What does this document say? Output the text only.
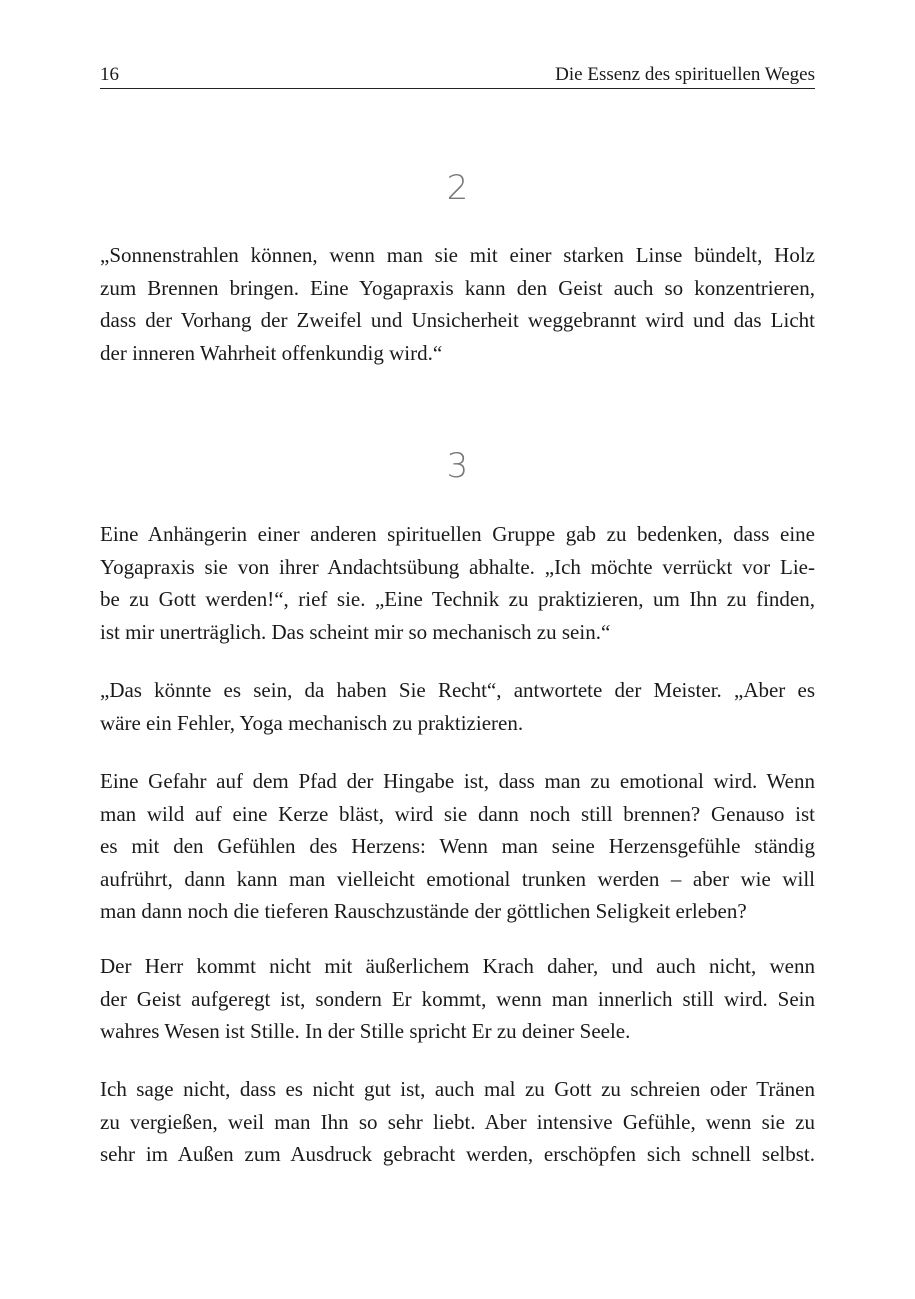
16	Die Essenz des spirituellen Weges
2

„Sonnenstrahlen können, wenn man sie mit einer starken Linse bündelt, Holz
zum Brennen bringen. Eine Yogapraxis kann den Geist auch so konzentrieren,
dass der Vorhang der Zweifel und Unsicherheit weggebrannt wird und das Licht
der inneren Wahrheit offenkundig wird.“

3

Eine Anhängerin einer anderen spirituellen Gruppe gab zu bedenken, dass eine
Yogapraxis sie von ihrer Andachtsübung abhalte. „Ich möchte verrückt vor Lie-
be zu Gott werden!“, rief sie. „Eine Technik zu praktizieren, um Ihn zu finden,
ist mir unerträglich. Das scheint mir so mechanisch zu sein.“

„Das könnte es sein, da haben Sie Recht“, antwortete der Meister. „Aber es
wäre ein Fehler, Yoga mechanisch zu praktizieren.

Eine Gefahr auf dem Pfad der Hingabe ist, dass man zu emotional wird. Wenn
man wild auf eine Kerze bläst, wird sie dann noch still brennen? Genauso ist
es mit den Gefühlen des Herzens: Wenn man seine Herzensgefühle ständig
aufrührt, dann kann man vielleicht emotional trunken werden – aber wie will
man dann noch die tieferen Rauschzustände der göttlichen Seligkeit erleben?

Der Herr kommt nicht mit äußerlichem Krach daher, und auch nicht, wenn
der Geist aufgeregt ist, sondern Er kommt, wenn man innerlich still wird. Sein
wahres Wesen ist Stille. In der Stille spricht Er zu deiner Seele.

Ich sage nicht, dass es nicht gut ist, auch mal zu Gott zu schreien oder Tränen
zu vergießen, weil man Ihn so sehr liebt. Aber intensive Gefühle, wenn sie zu
sehr im Außen zum Ausdruck gebracht werden, erschöpfen sich schnell selbst.
